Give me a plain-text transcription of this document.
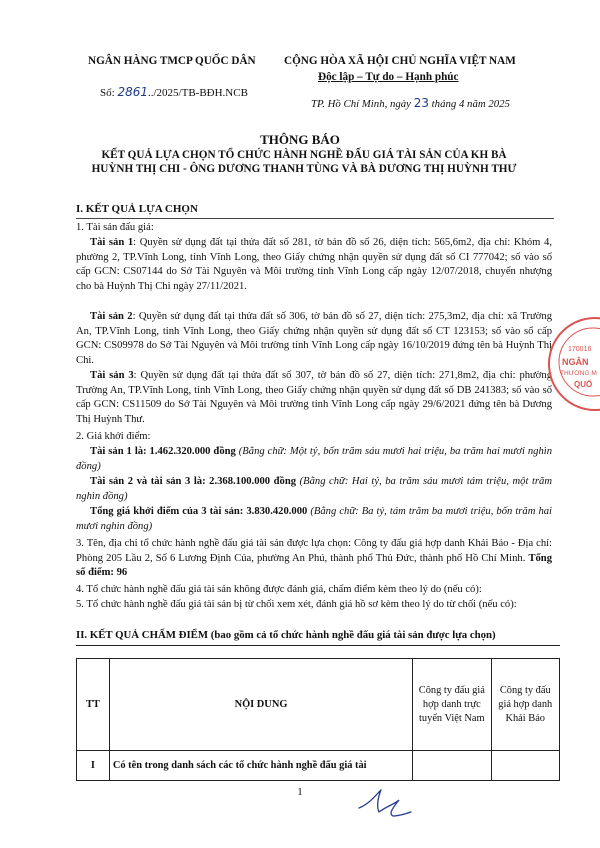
NGÂN HÀNG TMCP QUỐC DÂN	CỘNG HÒA XÃ HỘI CHỦ NGHĨA VIỆT NAM
Độc lập – Tự do – Hạnh phúc
Số: 2861../2025/TB-BĐH.NCB
TP. Hồ Chí Minh, ngày 23 tháng 4 năm 2025
THÔNG BÁO
KẾT QUẢ LỰA CHỌN TỔ CHỨC HÀNH NGHỀ ĐẤU GIÁ TÀI SẢN CỦA KH BÀ HUỲNH THỊ CHI - ÔNG DƯƠNG THANH TÙNG VÀ BÀ DƯƠNG THỊ HUỲNH THƯ
I. KẾT QUẢ LỰA CHỌN
1. Tài sản đấu giá:
Tài sản 1: Quyền sử dụng đất tại thửa đất số 281, tờ bản đồ số 26, diện tích: 565,6m2, địa chỉ: Khóm 4, phường 2, TP.Vĩnh Long, tỉnh Vĩnh Long, theo Giấy chứng nhận quyền sử dụng đất số CI 777042; số vào sổ cấp GCN: CS07144 do Sở Tài Nguyên và Môi trường tỉnh Vĩnh Long cấp ngày 12/07/2018, chuyển nhượng cho bà Huỳnh Thị Chi ngày 27/11/2021.
Tài sản 2: Quyền sử dụng đất tại thửa đất số 306, tờ bản đồ số 27, diện tích: 275,3m2, địa chỉ: xã Trường An, TP.Vĩnh Long, tỉnh Vĩnh Long, theo Giấy chứng nhận quyền sử dụng đất số CT 123153; số vào sổ cấp GCN: CS09978 do Sở Tài Nguyên và Môi trường tỉnh Vĩnh Long cấp ngày 16/10/2019 đứng tên bà Huỳnh Thị Chi.
Tài sản 3: Quyền sử dụng đất tại thửa đất số 307, tờ bản đồ số 27, diện tích: 271,8m2, địa chỉ: phường Trường An, TP.Vĩnh Long, tỉnh Vĩnh Long, theo Giấy chứng nhận quyền sử dụng đất số DB 241383; số vào sổ cấp GCN: CS11509 do Sở Tài Nguyên và Môi trường tỉnh Vĩnh Long cấp ngày 29/6/2021 đứng tên bà Dương Thị Huỳnh Thư.
2. Giá khởi điểm:
Tài sản 1 là: 1.462.320.000 đồng (Bằng chữ: Một tỷ, bốn trăm sáu mươi hai triệu, ba trăm hai mươi nghìn đồng)
Tài sản 2 và tài sản 3 là: 2.368.100.000 đồng (Bằng chữ: Hai tỷ, ba trăm sáu mươi tám triệu, một trăm nghìn đồng)
Tổng giá khởi điểm của 3 tài sản: 3.830.420.000 (Bằng chữ: Ba tỷ, tám trăm ba mươi triệu, bốn trăm hai mươi nghìn đồng)
3. Tên, địa chỉ tổ chức hành nghề đấu giá tài sản được lựa chọn: Công ty đấu giá hợp danh Khải Bảo - Địa chỉ: Phòng 205 Lầu 2, Số 6 Lương Định Của, phường An Phú, thành phố Thủ Đức, thành phố Hồ Chí Minh. Tổng số điểm: 96
4. Tổ chức hành nghề đấu giá tài sản không được đánh giá, chấm điểm kèm theo lý do (nếu có):
5. Tổ chức hành nghề đấu giá tài sản bị từ chối xem xét, đánh giá hồ sơ kèm theo lý do từ chối (nếu có):
II. KẾT QUẢ CHẤM ĐIỂM (bao gồm cả tổ chức hành nghề đấu giá tài sản được lựa chọn)
TT	NỘI DUNG	Công ty đấu giá hợp danh trực tuyến Việt Nam	Công ty đấu giá hợp danh Khải Bảo
I	Có tên trong danh sách các tổ chức hành nghề đấu giá tài		
1
170016
NGÂN
THƯƠNG M
QUỐ
